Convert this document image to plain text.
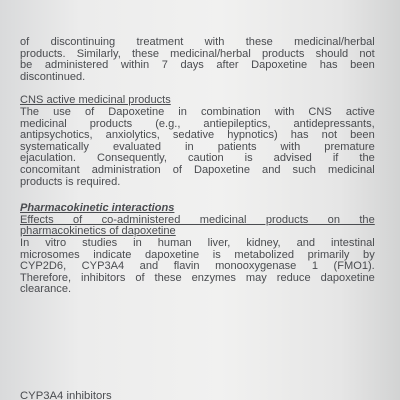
of discontinuing treatment with these medicinal/herbal
products. Similarly, these medicinal/herbal products should not
be administered within 7 days after Dapoxetine has been
discontinued.
CNS active medicinal products
The use of Dapoxetine in combination with CNS active
medicinal products (e.g., antiepileptics, antidepressants,
antipsychotics, anxiolytics, sedative hypnotics) has not been
systematically evaluated in patients with premature
ejaculation. Consequently, caution is advised if the
concomitant administration of Dapoxetine and such medicinal
products is required.
Pharmacokinetic interactions
Effects of co-administered medicinal products on the
pharmacokinetics of dapoxetine
In vitro studies in human liver, kidney, and intestinal
microsomes indicate dapoxetine is metabolized primarily by
CYP2D6, CYP3A4 and flavin monooxygenase 1 (FMO1).
Therefore, inhibitors of these enzymes may reduce dapoxetine
clearance.
CYP3A4 inhibitors
